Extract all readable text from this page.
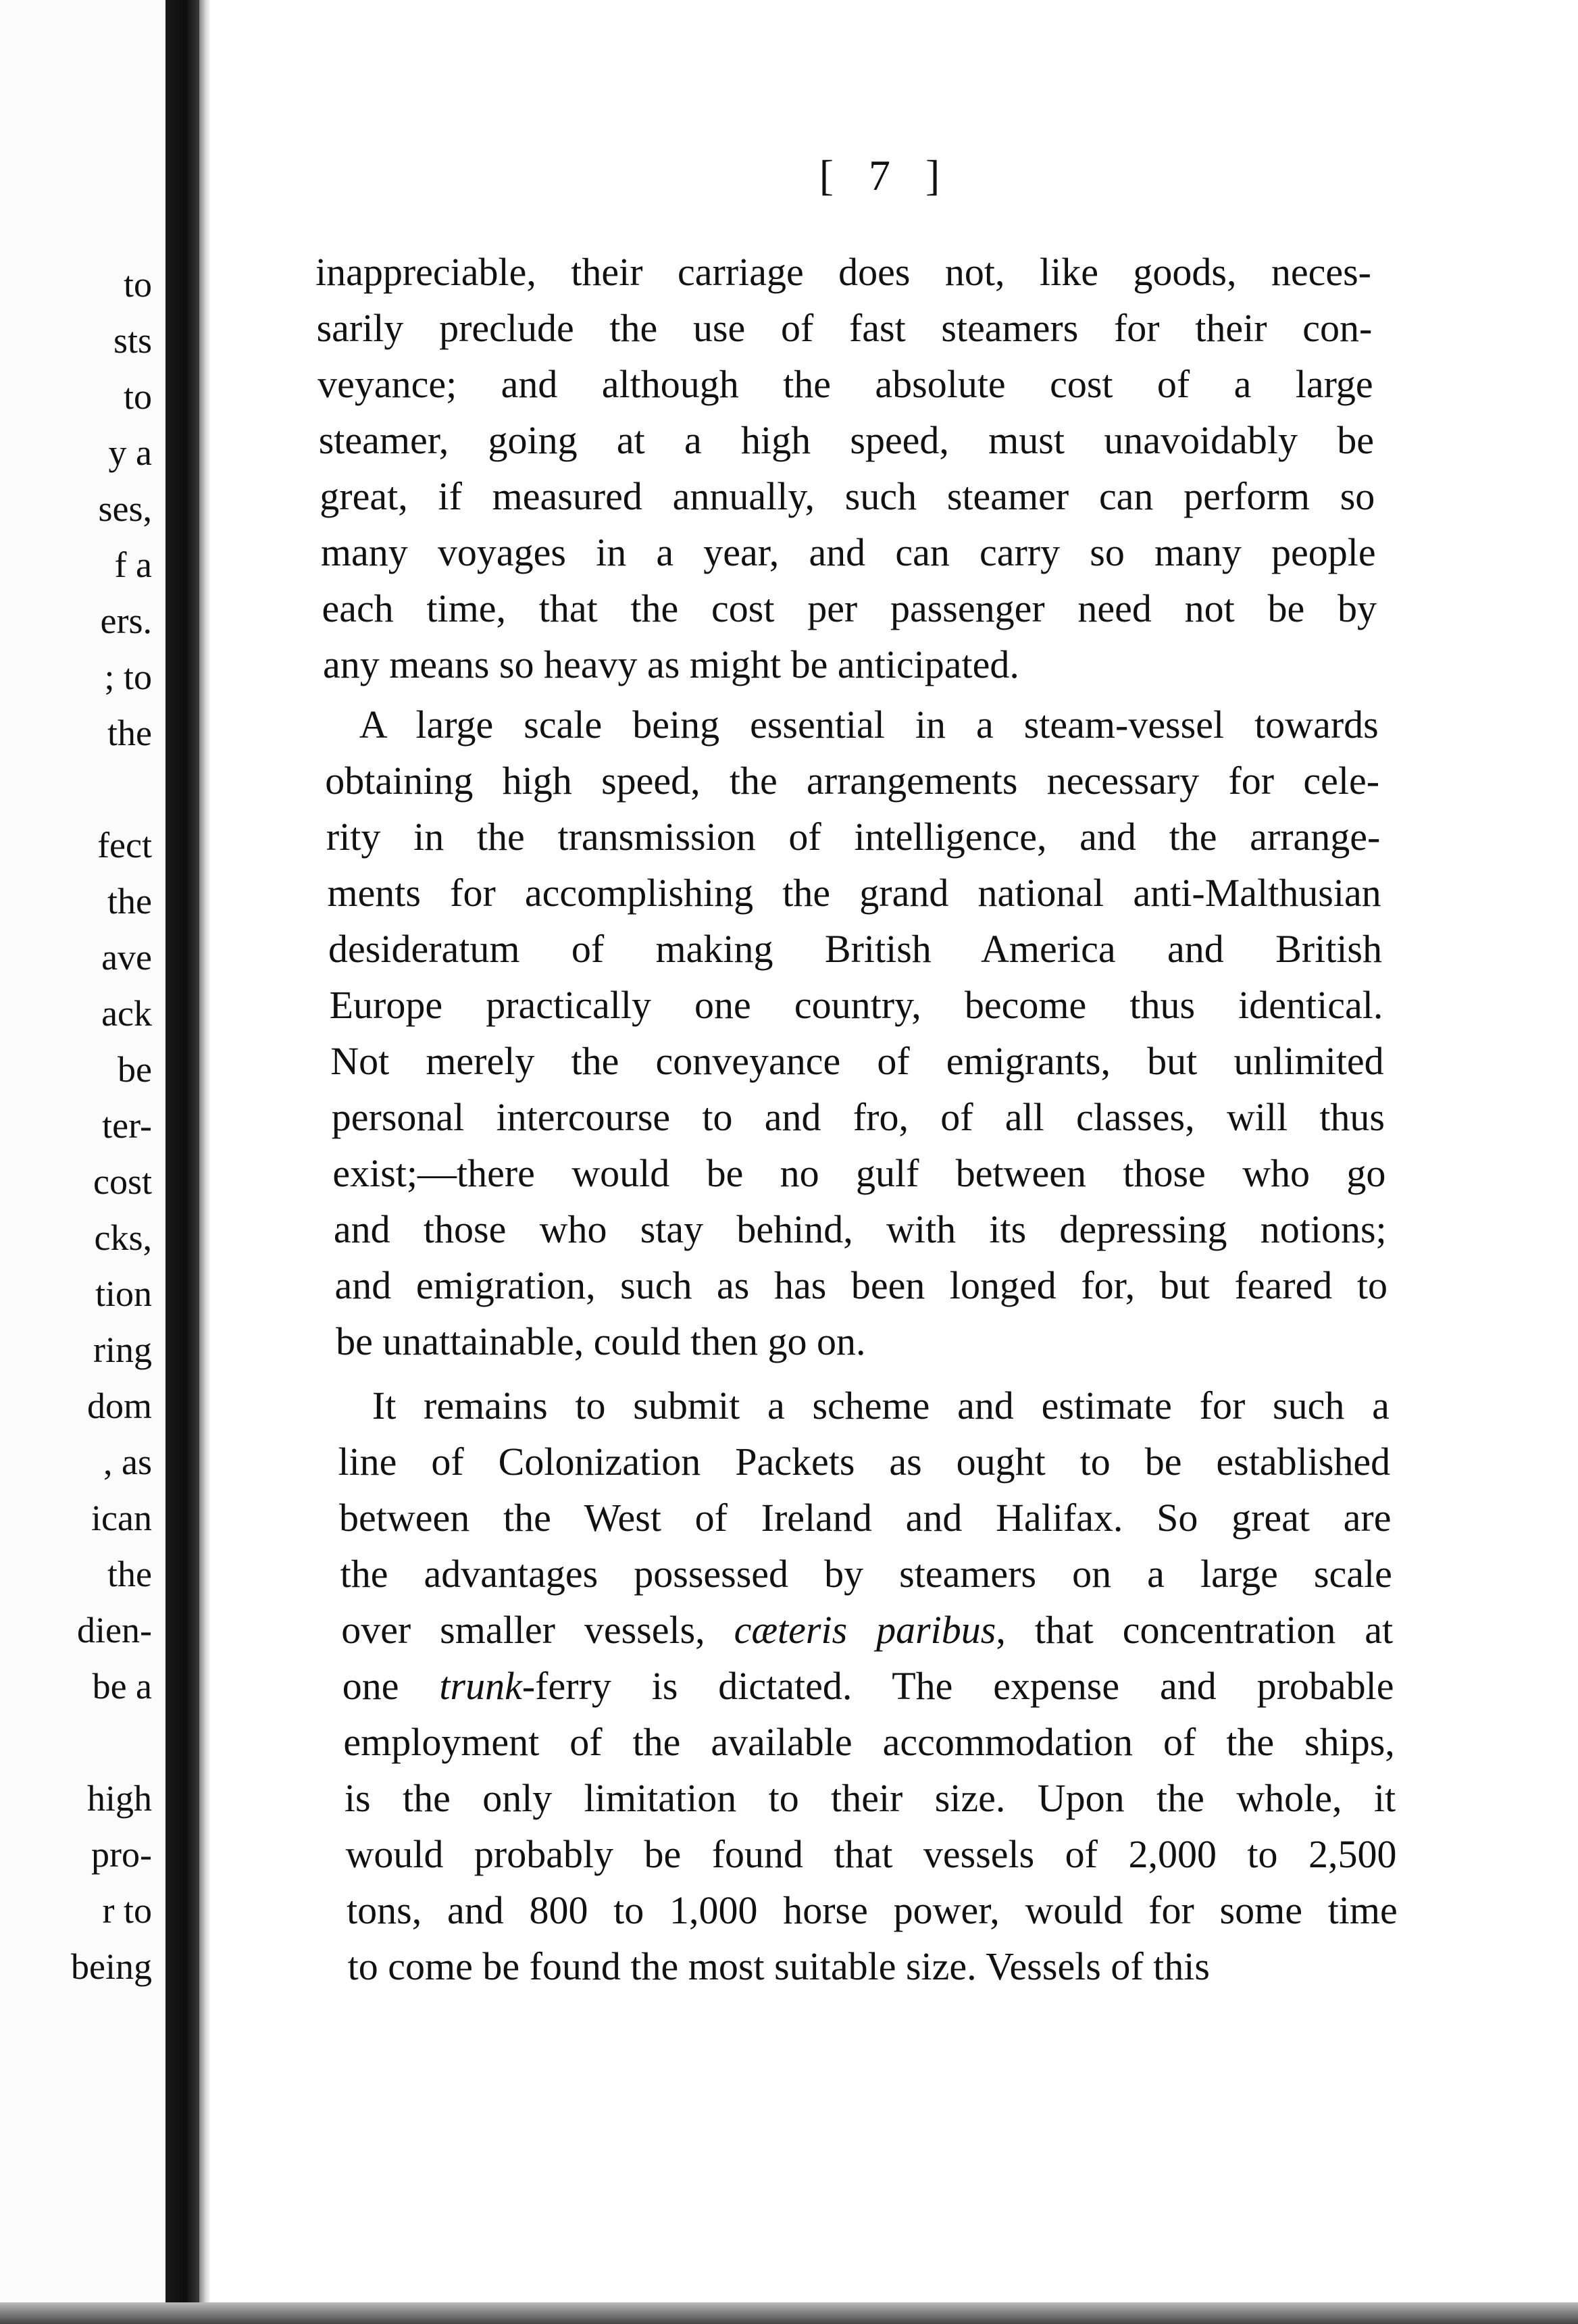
to
sts
to
y a
ses,
f a
ers.
; to
the
fect
the
ave
ack
be
ter-
cost
cks,
tion
ring
dom
, as
ican
the
dien-
be a
high
pro-
r to
being
[ 7 ]
inappreciable, their carriage does not, like goods, neces-
sarily preclude the use of fast steamers for their con-
veyance; and although the absolute cost of a large
steamer, going at a high speed, must unavoidably be
great, if measured annually, such steamer can perform so
many voyages in a year, and can carry so many people
each time, that the cost per passenger need not be by
any means so heavy as might be anticipated.
A large scale being essential in a steam-vessel towards
obtaining high speed, the arrangements necessary for cele-
rity in the transmission of intelligence, and the arrange-
ments for accomplishing the grand national anti-Malthusian
desideratum of making British America and British
Europe practically one country, become thus identical.
Not merely the conveyance of emigrants, but unlimited
personal intercourse to and fro, of all classes, will thus
exist;—there would be no gulf between those who go
and those who stay behind, with its depressing notions;
and emigration, such as has been longed for, but feared to
be unattainable, could then go on.
It remains to submit a scheme and estimate for such a
line of Colonization Packets as ought to be established
between the West of Ireland and Halifax. So great are
the advantages possessed by steamers on a large scale
over smaller vessels, cæteris paribus, that concentration at
one trunk-ferry is dictated. The expense and probable
employment of the available accommodation of the ships,
is the only limitation to their size. Upon the whole, it
would probably be found that vessels of 2,000 to 2,500
tons, and 800 to 1,000 horse power, would for some time
to come be found the most suitable size. Vessels of this
